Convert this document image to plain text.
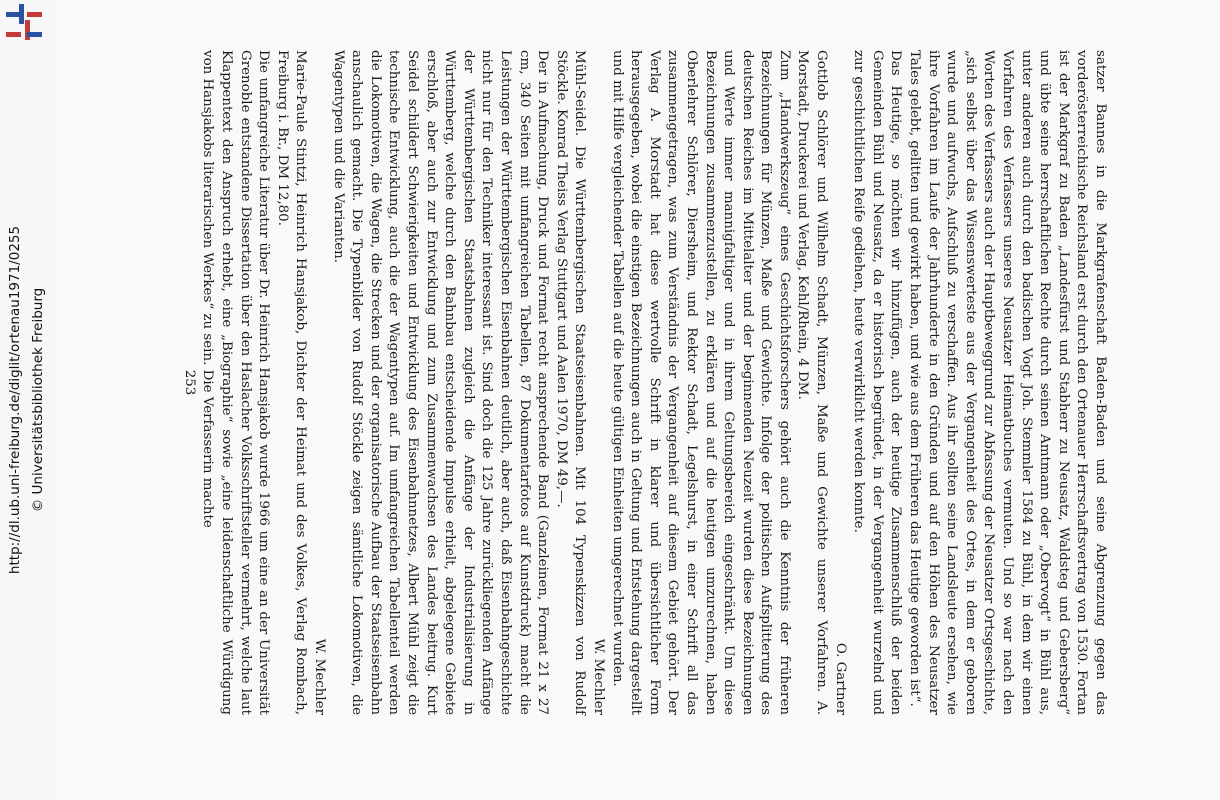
http://dl.ub.uni-freiburg.de/diglit/ortenau1971/0255 © Universitätsbibliothek Freiburg	satzer Bannes in die Markgrafenschaft Baden-Baden und seine Abgrenzung gegen das vorderösterreichische Reichsland erst durch den Ortenauer Herrschaftsvertrag von 1530. Fortan ist der Markgraf zu Baden „Landesfürst und Stabherr zu Neusatz, Waldsteg und Gebersberg“ und übte seine herrschaftlichen Rechte durch seinen Amtmann oder „Obervogt“ in Bühl aus, unter anderen auch durch den badischen Vogt Joh. Stemmler 1584 zu Bühl, in dem wir einen Vorfahren des Verfassers unseres Neusatzer Heimatbuches vermuten. Und so war nach den Worten des Verfassers auch der Hauptbeweggrund zur Abfassung der Neusatzer Ortsgeschichte, „sich selbst über das Wissenswerteste aus der Vergangenheit des Ortes, in dem er geboren wurde und aufwuchs, Aufschluß zu verschaffen. Aus ihr sollten seine Landsleute ersehen, wie ihre Vorfahren im Laufe der Jahrhunderte in den Gründen und auf den Höhen des Neusatzer Tales gelebt, gelitten und gewirkt haben, und wie aus dem Früheren das Heutige geworden ist“.

Das Heutige, so möchten wir hinzufügen, auch der heutige Zusammenschluß der beiden Gemeinden Bühl und Neusatz, da er historisch begründet, in der Vergangenheit wurzelnd und zur geschichtlichen Reife gediehen, heute verwirklicht werden konnte.

O. Gartner

Gottlob Schlörer und Wilhelm Schadt, Münzen, Maße und Gewichte unserer Vorfahren. A. Morstadt, Druckerei und Verlag, Kehl/Rhein, 4 DM.

Zum „Handwerkszeug“ eines Geschichtsforschers gehört auch die Kenntnis der früheren Bezeichnungen für Münzen, Maße und Gewichte. Infolge der politischen Aufsplitterung des deutschen Reiches im Mittelalter und der beginnenden Neuzeit wurden diese Bezeichnungen und Werte immer mannigfaltiger und in ihrem Geltungsbereich eingeschränkt. Um diese Bezeichnungen zusammenzustellen, zu erklären und auf die heutigen umzurechnen, haben Oberlehrer Schlörer, Diersheim, und Rektor Schadt, Legelshurst, in einer Schrift all das zusammengetragen, was zum Verständnis der Vergangenheit auf diesem Gebiet gehört. Der Verlag A. Morstadt hat diese wertvolle Schrift in klarer und übersichtlicher Form herausgegeben, wobei die einstigen Bezeichnungen auch in Geltung und Entstehung dargestellt und mit Hilfe vergleichender Tabellen auf die heute gültigen Einheiten umgerechnet wurden.

W. Mechler

Mühl-Seidel. Die Württembergischen Staatseisenbahnen. Mit 104 Typenskizzen von Rudolf Stöckle. Konrad Theiss Verlag Stuttgart und Aalen 1970, DM 49,—.

Der in Aufmachung, Druck und Format recht ansprechende Band (Ganzleinen, Format 21 x 27 cm, 340 Seiten mit umfangreichen Tabellen, 87 Dokumentarfotos auf Kunstdruck) macht die Leistungen der Württembergischen Eisenbahnen deutlich, aber auch, daß Eisenbahngeschichte nicht nur für den Techniker interessant ist. Sind doch die 125 Jahre zurückliegenden Anfänge der Württembergischen Staatsbahnen zugleich die Anfänge der Industrialisierung in Württemberg, welche durch den Bahnbau entscheidende Impulse erhielt, abgelegene Gebiete erschloß, aber auch zur Entwicklung und zum Zusammenwachsen des Landes beitrug. Kurt Seidel schildert Schwierigkeiten und Entwicklung des Eisenbahnnetzes, Albert Mühl zeigt die technische Entwicklung, auch die der Wagentypen auf. Im umfangreichen Tabellenteil werden die Lokomotiven, die Wagen, die Strecken und der organisatorische Aufbau der Staatseisenbahn anschaulich gemacht. Die Typenbilder von Rudolf Stöckle zeigen sämtliche Lokomotiven, die Wagentypen und die Varianten.

W. Mechler

Marie-Paule Stintzi, Heinrich Hansjakob, Dichter der Heimat und des Volkes, Verlag Rombach, Freiburg i. Br., DM 12,80.

Die umfangreiche Literatur über Dr. Heinrich Hansjakob wurde 1966 um eine an der Universität Grenoble entstandene Dissertation über den Haslacher Volksschriftsteller vermehrt, welche laut Klappentext den Anspruch erhebt, eine „Biographie“ sowie „eine leidenschaftliche Würdigung von Hansjakobs literarischen Werkes“ zu sein. Die Verfasserin machte

253
